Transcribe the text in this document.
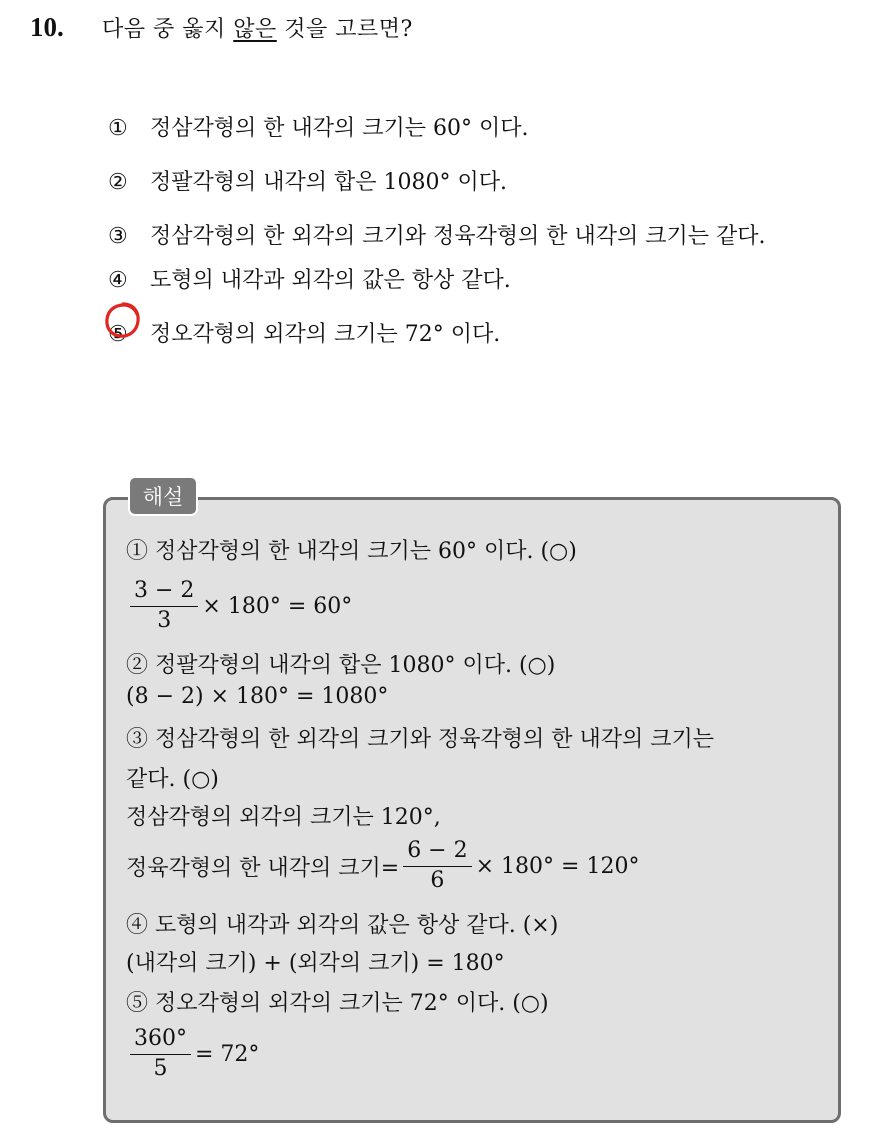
10.	다음 중 옳지 않은 것을 고르면?
① 정삼각형의 한 내각의 크기는 60° 이다.
② 정팔각형의 내각의 합은 1080° 이다.
③ 정삼각형의 한 외각의 크기와 정육각형의 한 내각의 크기는 같다.
④ 도형의 내각과 외각의 값은 항상 같다.
⑤ 정오각형의 외각의 크기는 72° 이다.
해설
① 정삼각형의 한 내각의 크기는 60° 이다. (○)
$\frac{3 - 2}{3} \times 180^\circ = 60^\circ$
② 정팔각형의 내각의 합은 1080° 이다. (○)
(8 − 2) × 180° = 1080°
③ 정삼각형의 한 외각의 크기와 정육각형의 한 내각의 크기는
같다. (○)
정삼각형의 외각의 크기는 120°,
정육각형의 한 내각의 크기= $\frac{6 - 2}{6} \times 180^\circ = 120^\circ$
④ 도형의 내각과 외각의 값은 항상 같다. (×)
(내각의 크기) + (외각의 크기) = 180°
⑤ 정오각형의 외각의 크기는 72° 이다. (○)
$\frac{360^\circ}{5} = 72^\circ$
